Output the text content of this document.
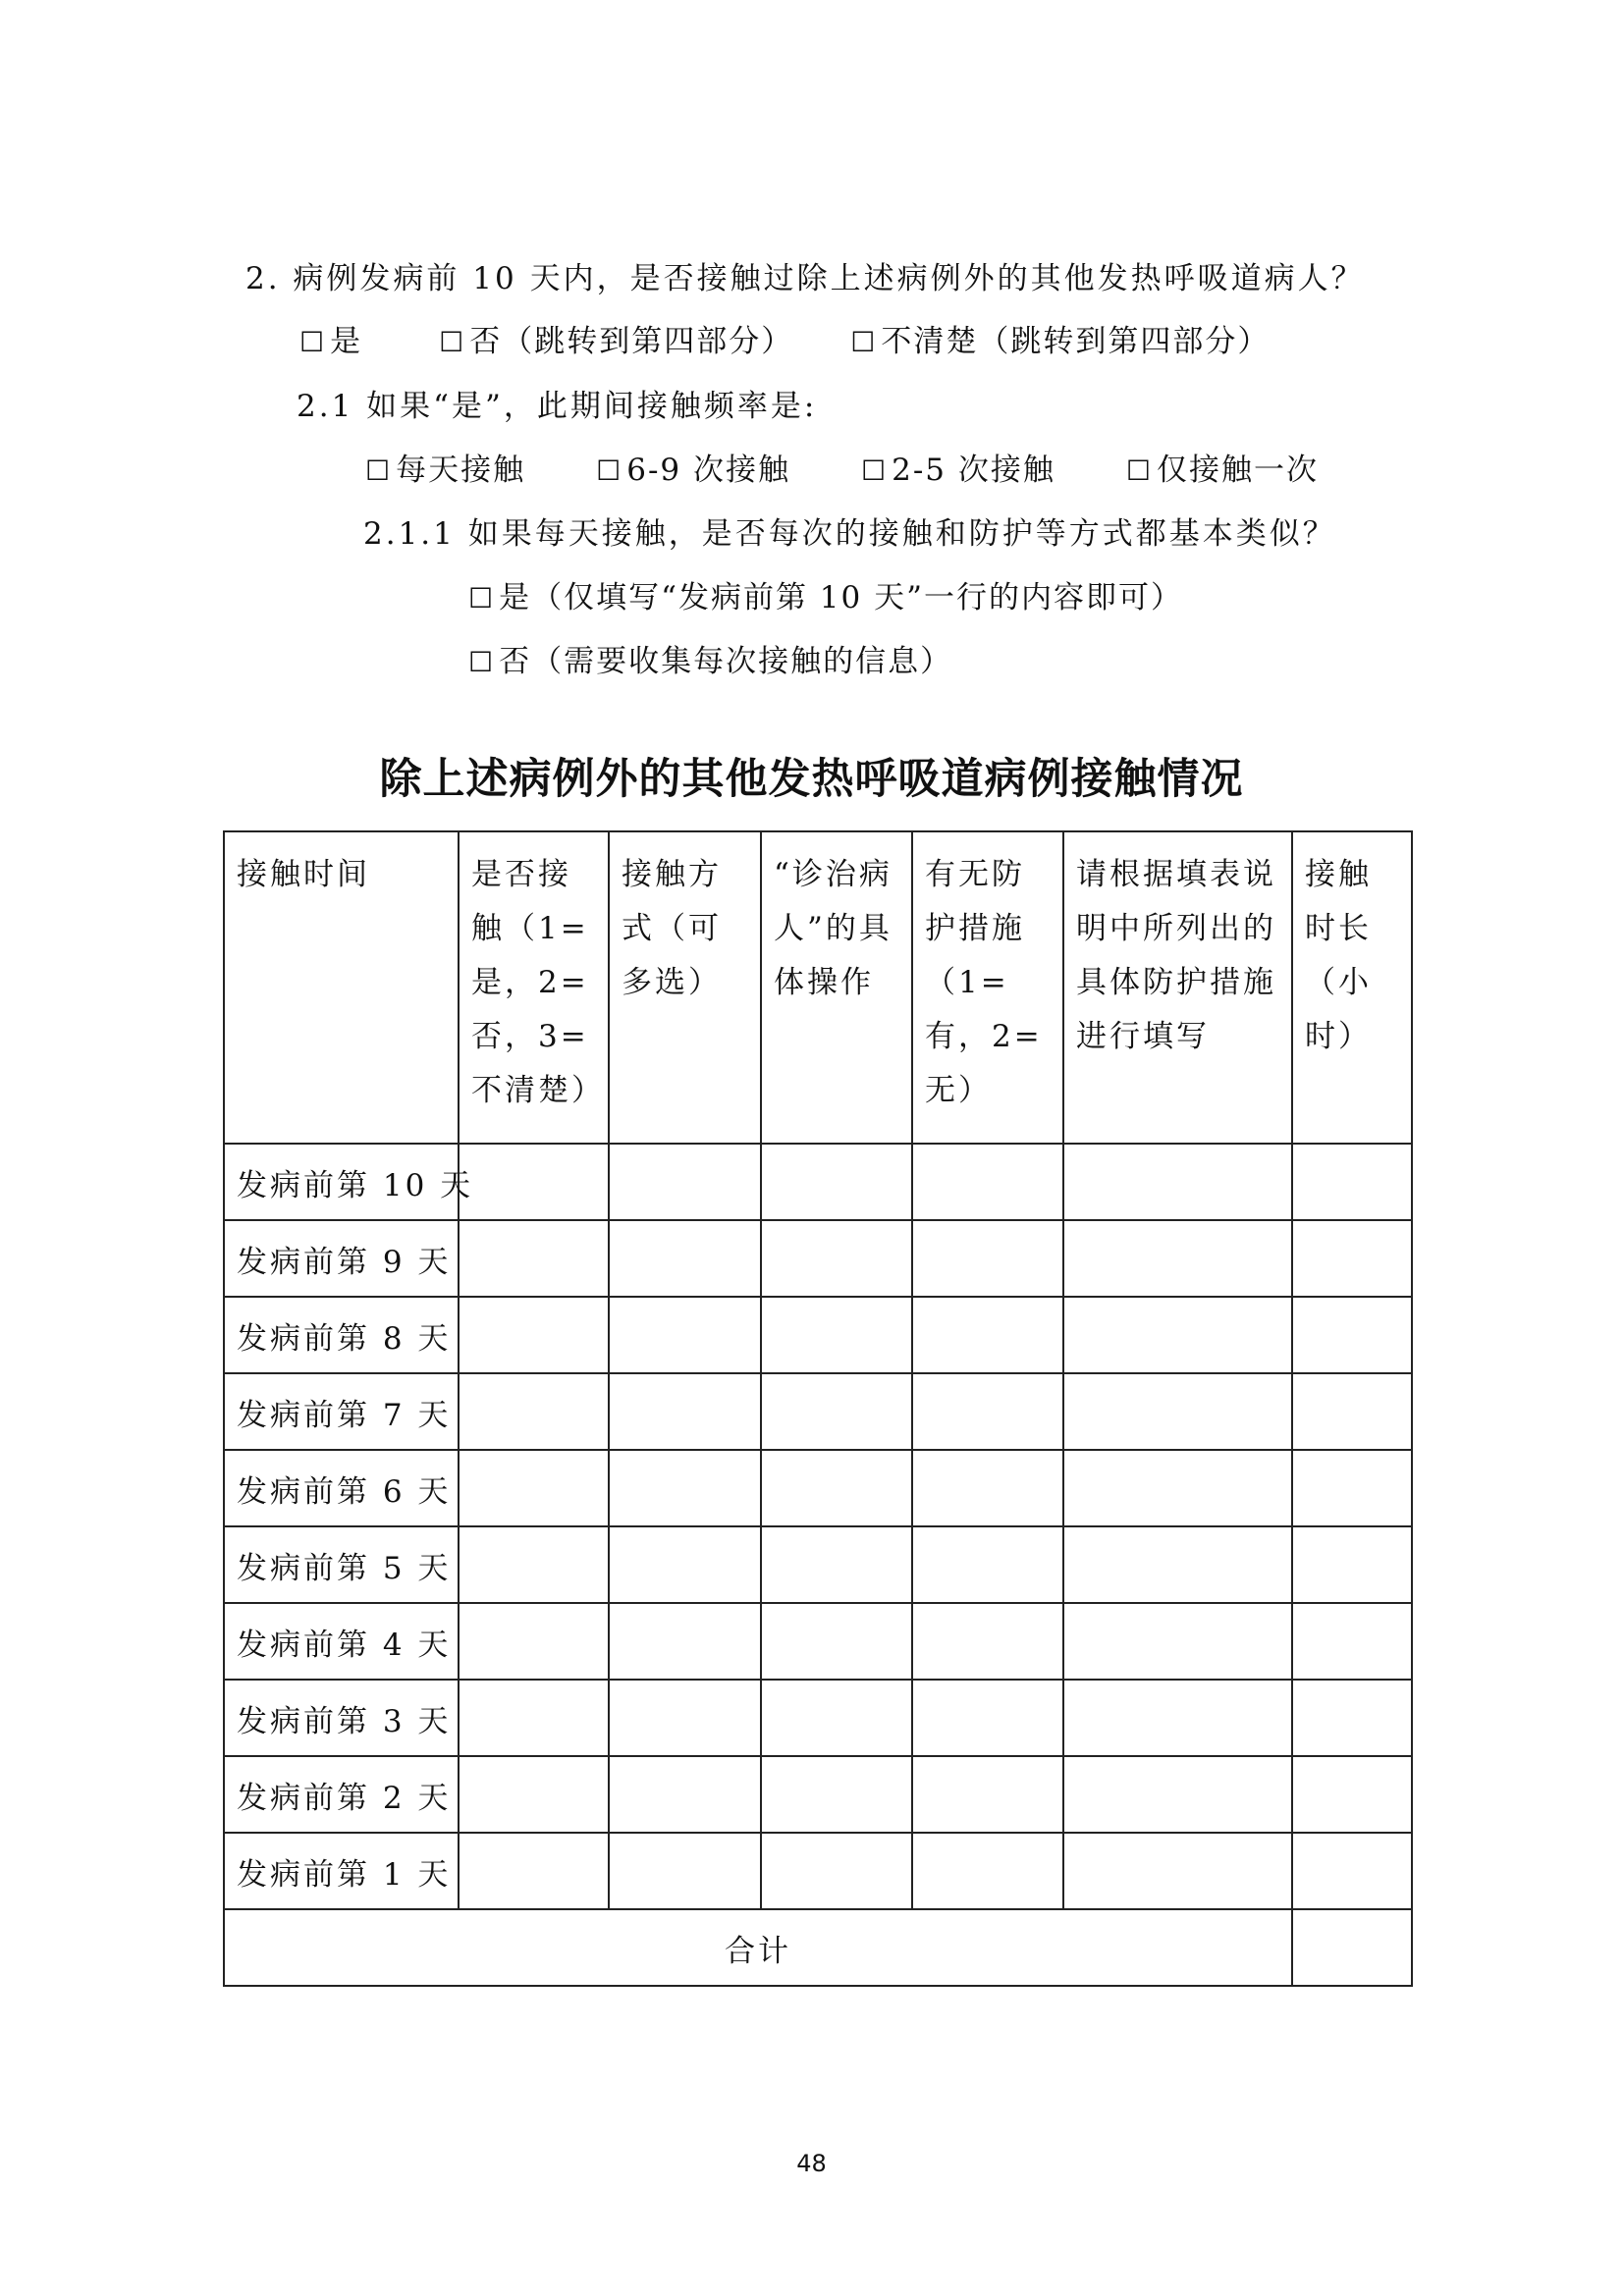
2. 病例发病前 10 天内，是否接触过除上述病例外的其他发热呼吸道病人？
☐ 是	☐ 否（跳转到第四部分） ☐ 不清楚（跳转到第四部分）
2.1 如果“是”，此期间接触频率是:
☐ 每天接触	☐ 6-9 次接触	☐ 2-5 次接触	☐ 仅接触一次
2.1.1 如果每天接触，是否每次的接触和防护等方式都基本类似？
☐ 是（仅填写“发病前第 10 天”一行的内容即可）
☐ 否（需要收集每次接触的信息）
除上述病例外的其他发热呼吸道病例接触情况
接触时间	是否接触（1=是，2=否，3=不清楚）	接触方式（可多选）	“诊治病人”的具体操作	有无防护措施（1=有，2=无）	请根据填表说明中所列出的具体防护措施进行填写	接触时长（小时）
发病前第 10 天						
发病前第 9 天						
发病前第 8 天						
发病前第 7 天						
发病前第 6 天						
发病前第 5 天						
发病前第 4 天						
发病前第 3 天						
发病前第 2 天						
发病前第 1 天						
合计						
48
